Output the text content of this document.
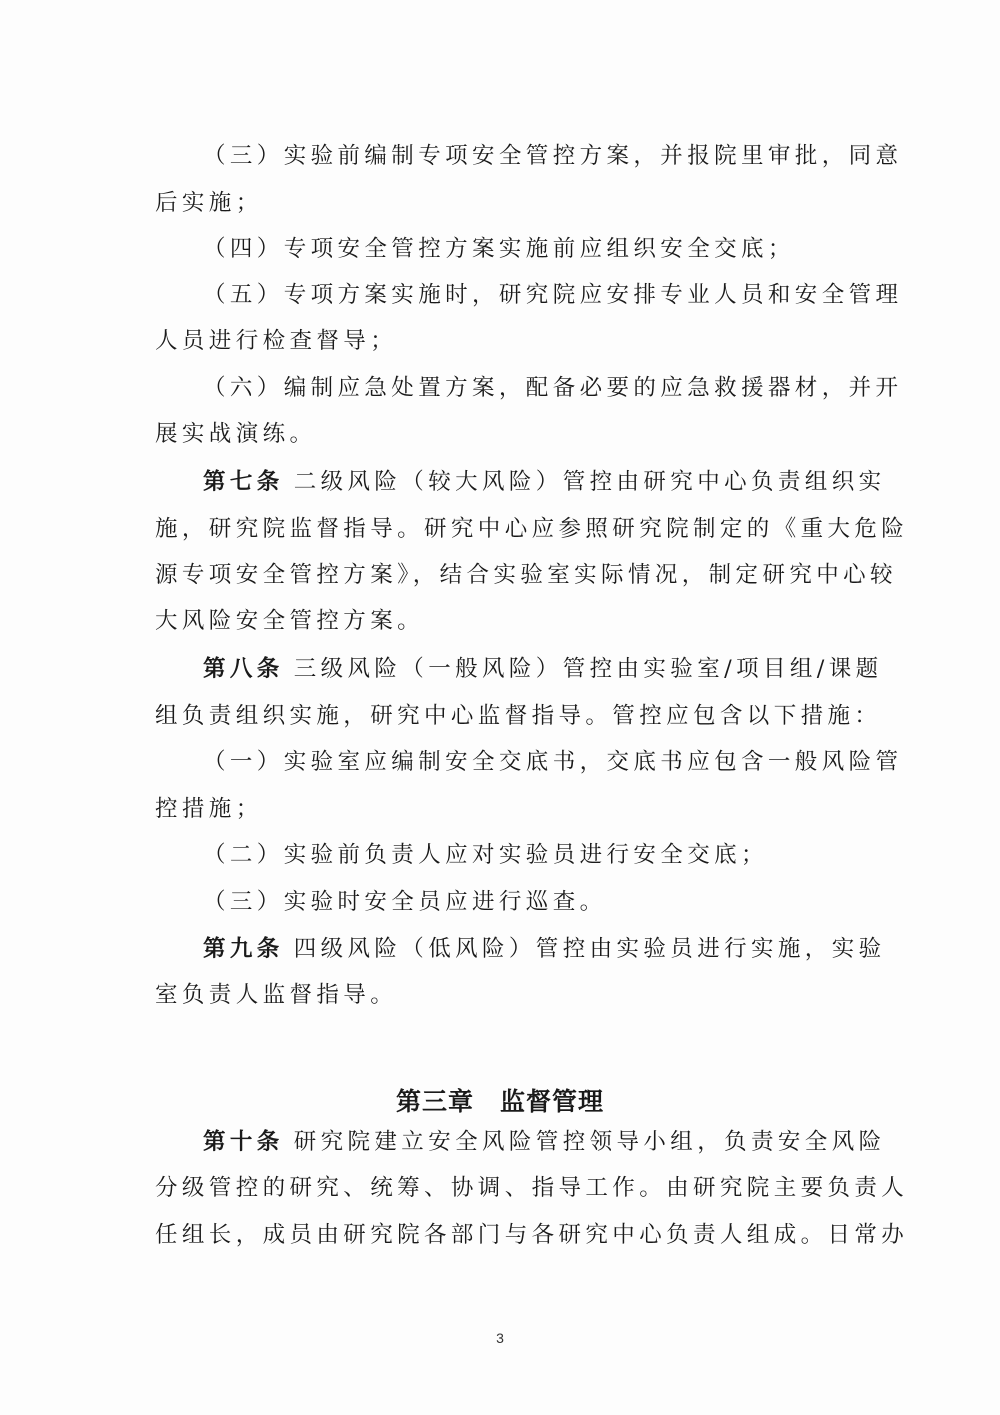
（三）实验前编制专项安全管控方案，并报院里审批，同意
后实施；
（四）专项安全管控方案实施前应组织安全交底；
（五）专项方案实施时，研究院应安排专业人员和安全管理
人员进行检查督导；
（六）编制应急处置方案，配备必要的应急救援器材，并开
展实战演练。
第七条 二级风险（较大风险）管控由研究中心负责组织实
施，研究院监督指导。研究中心应参照研究院制定的《重大危险
源专项安全管控方案》，结合实验室实际情况，制定研究中心较
大风险安全管控方案。
第八条 三级风险（一般风险）管控由实验室/项目组/课题
组负责组织实施，研究中心监督指导。管控应包含以下措施：
（一）实验室应编制安全交底书，交底书应包含一般风险管
控措施；
（二）实验前负责人应对实验员进行安全交底；
（三）实验时安全员应进行巡查。
第九条 四级风险（低风险）管控由实验员进行实施，实验
室负责人监督指导。
第十条 研究院建立安全风险管控领导小组，负责安全风险
分级管控的研究、统筹、协调、指导工作。由研究院主要负责人
任组长，成员由研究院各部门与各研究中心负责人组成。日常办
第三章 监督管理
3
